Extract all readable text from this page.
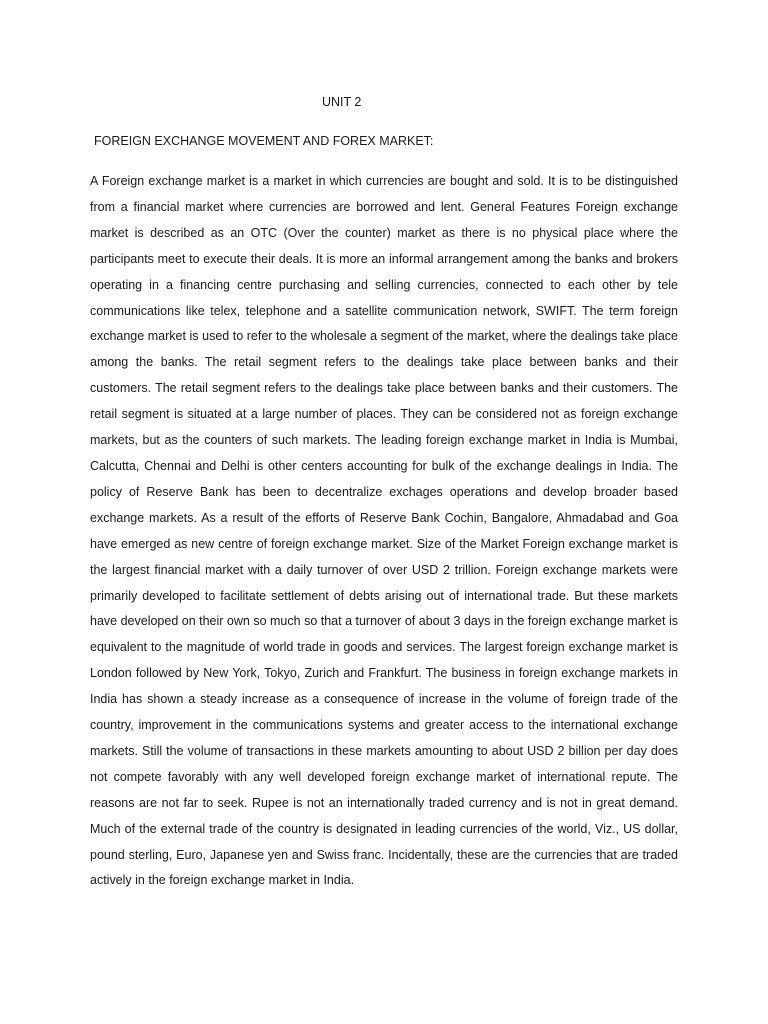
UNIT 2
FOREIGN EXCHANGE MOVEMENT AND FOREX MARKET:

A Foreign exchange market is a market in which currencies are bought and sold. It is to be distinguished from a financial market where currencies are borrowed and lent. General Features Foreign exchange market is described as an OTC (Over the counter) market as there is no physical place where the participants meet to execute their deals. It is more an informal arrangement among the banks and brokers operating in a financing centre purchasing and selling currencies, connected to each other by tele communications like telex, telephone and a satellite communication network, SWIFT. The term foreign exchange market is used to refer to the wholesale a segment of the market, where the dealings take place among the banks. The retail segment refers to the dealings take place between banks and their customers. The retail segment refers to the dealings take place between banks and their customers. The retail segment is situated at a large number of places. They can be considered not as foreign exchange markets, but as the counters of such markets. The leading foreign exchange market in India is Mumbai, Calcutta, Chennai and Delhi is other centers accounting for bulk of the exchange dealings in India. The policy of Reserve Bank has been to decentralize exchages operations and develop broader based exchange markets. As a result of the efforts of Reserve Bank Cochin, Bangalore, Ahmadabad and Goa have emerged as new centre of foreign exchange market. Size of the Market Foreign exchange market is the largest financial market with a daily turnover of over USD 2 trillion. Foreign exchange markets were primarily developed to facilitate settlement of debts arising out of international trade. But these markets have developed on their own so much so that a turnover of about 3 days in the foreign exchange market is equivalent to the magnitude of world trade in goods and services. The largest foreign exchange market is London followed by New York, Tokyo, Zurich and Frankfurt. The business in foreign exchange markets in India has shown a steady increase as a consequence of increase in the volume of foreign trade of the country, improvement in the communications systems and greater access to the international exchange markets. Still the volume of transactions in these markets amounting to about USD 2 billion per day does not compete favorably with any well developed foreign exchange market of international repute. The reasons are not far to seek. Rupee is not an internationally traded currency and is not in great demand. Much of the external trade of the country is designated in leading currencies of the world, Viz., US dollar, pound sterling, Euro, Japanese yen and Swiss franc. Incidentally, these are the currencies that are traded actively in the foreign exchange market in India.
